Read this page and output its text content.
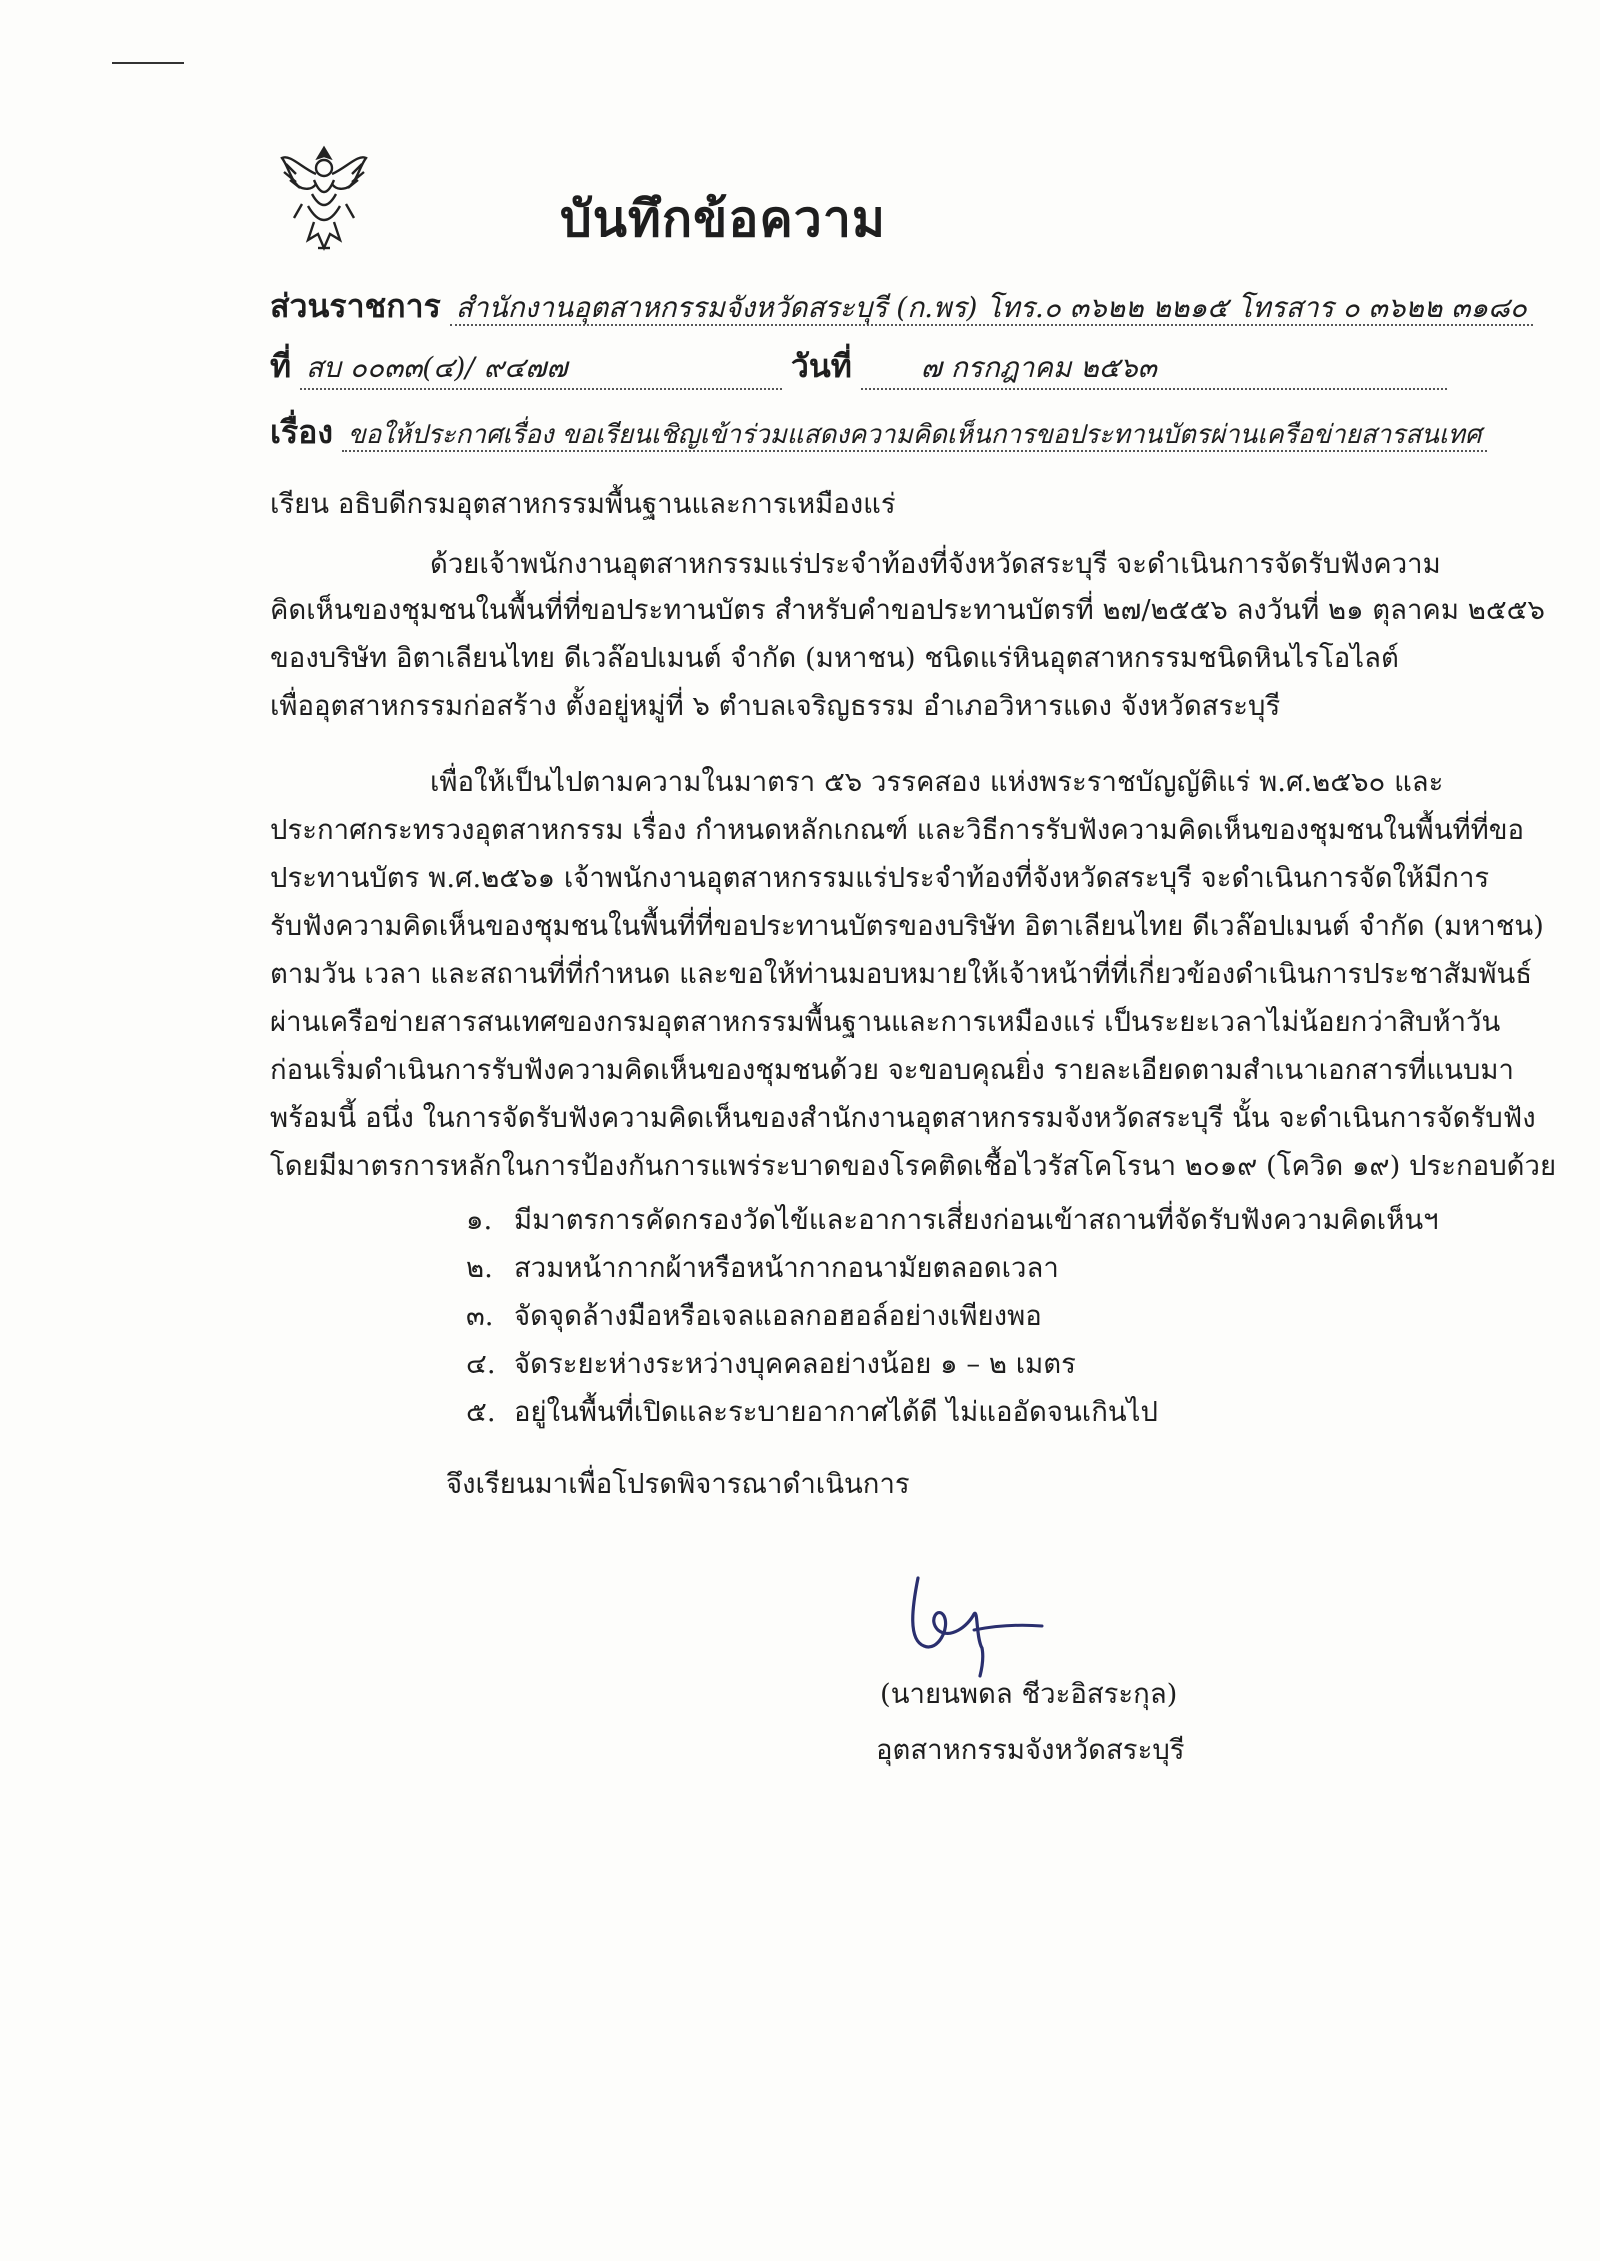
บันทึกข้อความ
ส่วนราชการ สำนักงานอุตสาหกรรมจังหวัดสระบุรี (ก.พร) โทร.๐ ๓๖๒๒ ๒๒๑๕ โทรสาร ๐ ๓๖๒๒ ๓๑๘๐
ที่ สบ ๐๐๓๓(๔)/ ๙๔๗๗	วันที่ ๗ กรกฎาคม ๒๕๖๓
เรื่อง ขอให้ประกาศเรื่อง ขอเรียนเชิญเข้าร่วมแสดงความคิดเห็นการขอประทานบัตรผ่านเครือข่ายสารสนเทศ
เรียน อธิบดีกรมอุตสาหกรรมพื้นฐานและการเหมืองแร่
ด้วยเจ้าพนักงานอุตสาหกรรมแร่ประจำท้องที่จังหวัดสระบุรี จะดำเนินการจัดรับฟังความ
คิดเห็นของชุมชนในพื้นที่ที่ขอประทานบัตร สำหรับคำขอประทานบัตรที่ ๒๗/๒๕๕๖ ลงวันที่ ๒๑ ตุลาคม ๒๕๕๖
ของบริษัท อิตาเลียนไทย ดีเวล๊อปเมนต์ จำกัด (มหาชน) ชนิดแร่หินอุตสาหกรรมชนิดหินไรโอไลต์
เพื่ออุตสาหกรรมก่อสร้าง ตั้งอยู่หมู่ที่ ๖ ตำบลเจริญธรรม อำเภอวิหารแดง จังหวัดสระบุรี
เพื่อให้เป็นไปตามความในมาตรา ๕๖ วรรคสอง แห่งพระราชบัญญัติแร่ พ.ศ.๒๕๖๐ และ
ประกาศกระทรวงอุตสาหกรรม เรื่อง กำหนดหลักเกณฑ์ และวิธีการรับฟังความคิดเห็นของชุมชนในพื้นที่ที่ขอ
ประทานบัตร พ.ศ.๒๕๖๑ เจ้าพนักงานอุตสาหกรรมแร่ประจำท้องที่จังหวัดสระบุรี จะดำเนินการจัดให้มีการ
รับฟังความคิดเห็นของชุมชนในพื้นที่ที่ขอประทานบัตรของบริษัท อิตาเลียนไทย ดีเวล๊อปเมนต์ จำกัด (มหาชน)
ตามวัน เวลา และสถานที่ที่กำหนด และขอให้ท่านมอบหมายให้เจ้าหน้าที่ที่เกี่ยวข้องดำเนินการประชาสัมพันธ์
ผ่านเครือข่ายสารสนเทศของกรมอุตสาหกรรมพื้นฐานและการเหมืองแร่ เป็นระยะเวลาไม่น้อยกว่าสิบห้าวัน
ก่อนเริ่มดำเนินการรับฟังความคิดเห็นของชุมชนด้วย จะขอบคุณยิ่ง รายละเอียดตามสำเนาเอกสารที่แนบมา
พร้อมนี้ อนึ่ง ในการจัดรับฟังความคิดเห็นของสำนักงานอุตสาหกรรมจังหวัดสระบุรี นั้น จะดำเนินการจัดรับฟัง
โดยมีมาตรการหลักในการป้องกันการแพร่ระบาดของโรคติดเชื้อไวรัสโคโรนา ๒๐๑๙ (โควิด ๑๙) ประกอบด้วย
๑. มีมาตรการคัดกรองวัดไข้และอาการเสี่ยงก่อนเข้าสถานที่จัดรับฟังความคิดเห็นฯ
๒. สวมหน้ากากผ้าหรือหน้ากากอนามัยตลอดเวลา
๓. จัดจุดล้างมือหรือเจลแอลกอฮอล์อย่างเพียงพอ
๔. จัดระยะห่างระหว่างบุคคลอย่างน้อย ๑ – ๒ เมตร
๕. อยู่ในพื้นที่เปิดและระบายอากาศได้ดี ไม่แออัดจนเกินไป
จึงเรียนมาเพื่อโปรดพิจารณาดำเนินการ
(นายนพดล ชีวะอิสระกุล)
อุตสาหกรรมจังหวัดสระบุรี
